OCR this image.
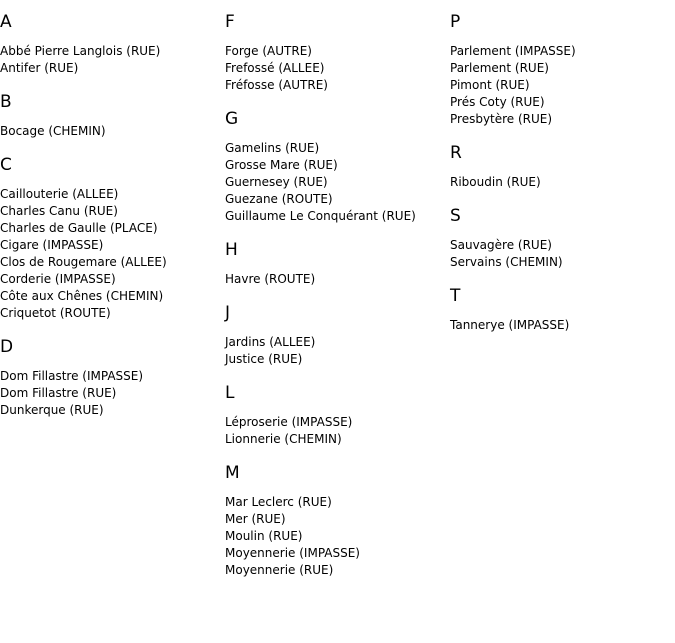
A
Abbé Pierre Langlois (RUE)
Antifer (RUE)
B
Bocage (CHEMIN)
C
Caillouterie (ALLEE)
Charles Canu (RUE)
Charles de Gaulle (PLACE)
Cigare (IMPASSE)
Clos de Rougemare (ALLEE)
Corderie (IMPASSE)
Côte aux Chênes (CHEMIN)
Criquetot (ROUTE)
D
Dom Fillastre (IMPASSE)
Dom Fillastre (RUE)
Dunkerque (RUE)
F
Forge (AUTRE)
Frefossé (ALLEE)
Fréfosse (AUTRE)
G
Gamelins (RUE)
Grosse Mare (RUE)
Guernesey (RUE)
Guezane (ROUTE)
Guillaume Le Conquérant (RUE)
H
Havre (ROUTE)
J
Jardins (ALLEE)
Justice (RUE)
L
Léproserie (IMPASSE)
Lionnerie (CHEMIN)
M
Mar Leclerc (RUE)
Mer (RUE)
Moulin (RUE)
Moyennerie (IMPASSE)
Moyennerie (RUE)
P
Parlement (IMPASSE)
Parlement (RUE)
Pimont (RUE)
Prés Coty (RUE)
Presbytère (RUE)
R
Riboudin (RUE)
S
Sauvagère (RUE)
Servains (CHEMIN)
T
Tannerye (IMPASSE)
